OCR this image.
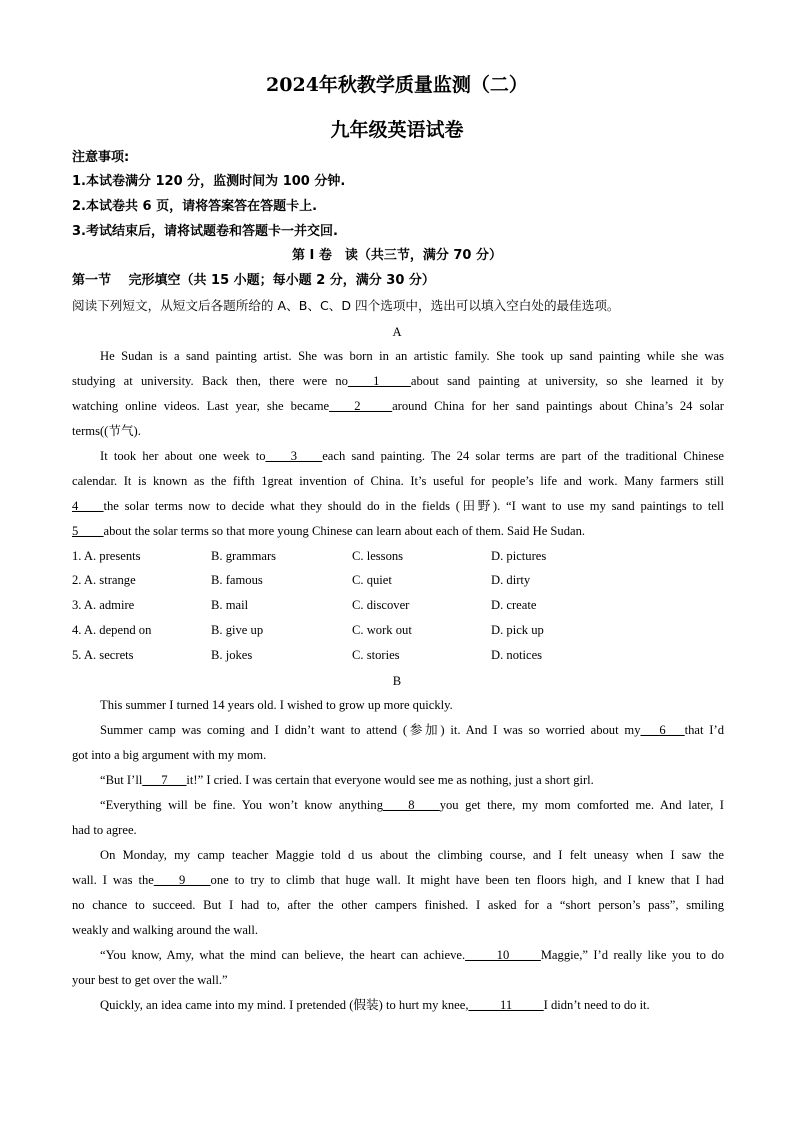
2024年秋教学质量监测（二）
九年级英语试卷
注意事项:
1.本试卷满分 120 分，监测时间为 100 分钟.
2.本试卷共 6 页，请将答案答在答题卡上.
3.考试结束后，请将试题卷和答题卡一并交回.
第 I 卷　读（共三节，满分 70 分）
第一节　 完形填空（共 15 小题；每小题 2 分，满分 30 分）
阅读下列短文，从短文后各题所给的 A、B、C、D 四个选项中，选出可以填入空白处的最佳选项。
A
He Sudan is a sand painting artist. She was born in an artistic family. She took up sand painting while she was
studying at university. Back then, there were no____1_____about sand painting at university, so she learned it by
watching online videos. Last year, she became____2_____around China for her sand paintings about China’s 24 solar
terms((节气).
It took her about one week to____3____each sand painting. The 24 solar terms are part of the traditional Chinese
calendar. It is known as the fifth 1great invention of China. It’s useful for people’s life and work. Many farmers still
4____the solar terms now to decide what they should do in the fields (田野). “I want to use my sand paintings to tell
5____about the solar terms so that more young Chinese can learn about each of them. Said He Sudan.
1. A. presents	B. grammars	C. lessons	D. pictures
2. A. strange	B. famous	C. quiet	D. dirty
3. A. admire	B. mail	C. discover	D. create
4. A. depend on	B. give up	C. work out	D. pick up
5. A. secrets	B. jokes	C. stories	D. notices
B
This summer I turned 14 years old. I wished to grow up more quickly.
Summer camp was coming and I didn’t want to attend (参加) it. And I was so worried about my___6___that I’d
got into a big argument with my mom.
“But I’ll___7___it!” I cried. I was certain that everyone would see me as nothing, just a short girl.
“Everything will be fine. You won’t know anything____8____you get there, my mom comforted me. And later, I
had to agree.
On Monday, my camp teacher Maggie told d us about the climbing course, and I felt uneasy when I saw the
wall. I was the____9____one to try to climb that huge wall. It might have been ten floors high, and I knew that I had
no chance to succeed. But I had to, after the other campers finished. I asked for a “short person’s pass”, smiling
weakly and walking around the wall.
“You know, Amy, what the mind can believe, the heart can achieve._____10_____Maggie,” I’d really like you to do
your best to get over the wall.”
Quickly, an idea came into my mind. I pretended (假装) to hurt my knee,_____11_____I didn’t need to do it.
